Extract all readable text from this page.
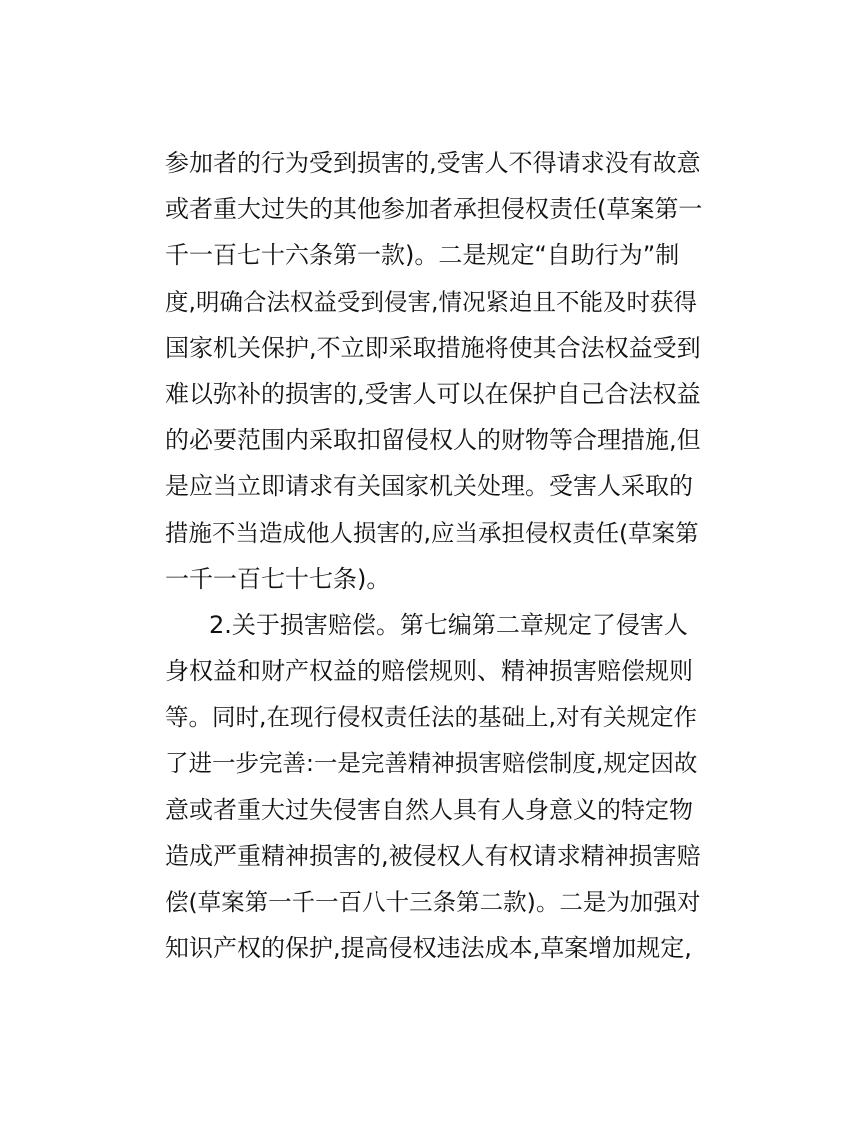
参加者的行为受到损害的,受害人不得请求没有故意
或者重大过失的其他参加者承担侵权责任(草案第一
千一百七十六条第一款)。二是规定“自助行为”制
度,明确合法权益受到侵害,情况紧迫且不能及时获得
国家机关保护,不立即采取措施将使其合法权益受到
难以弥补的损害的,受害人可以在保护自己合法权益
的必要范围内采取扣留侵权人的财物等合理措施,但
是应当立即请求有关国家机关处理。受害人采取的
措施不当造成他人损害的,应当承担侵权责任(草案第
一千一百七十七条)。
2.关于损害赔偿。第七编第二章规定了侵害人
身权益和财产权益的赔偿规则、精神损害赔偿规则
等。同时,在现行侵权责任法的基础上,对有关规定作
了进一步完善:一是完善精神损害赔偿制度,规定因故
意或者重大过失侵害自然人具有人身意义的特定物
造成严重精神损害的,被侵权人有权请求精神损害赔
偿(草案第一千一百八十三条第二款)。二是为加强对
知识产权的保护,提高侵权违法成本,草案增加规定,
